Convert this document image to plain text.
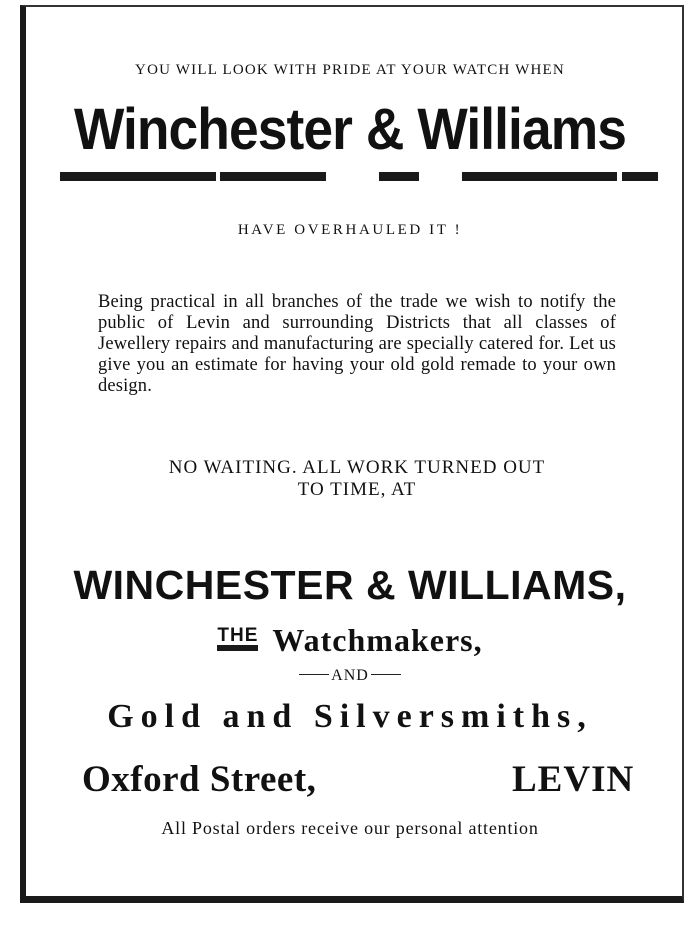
YOU WILL LOOK WITH PRIDE AT YOUR WATCH WHEN
Winchester & Williams
HAVE OVERHAULED IT !
Being practical in all branches of the trade we wish to notify the public of Levin and surrounding Districts that all classes of Jewellery repairs and manufacturing are specially catered for. Let us give you an estimate for having your old gold remade to your own design.
NO WAITING. ALL WORK TURNED OUT
TO TIME, AT
WINCHESTER & WILLIAMS,
THE Watchmakers,
AND
Gold and Silversmiths,
Oxford Street,	LEVIN
All Postal orders receive our personal attention
